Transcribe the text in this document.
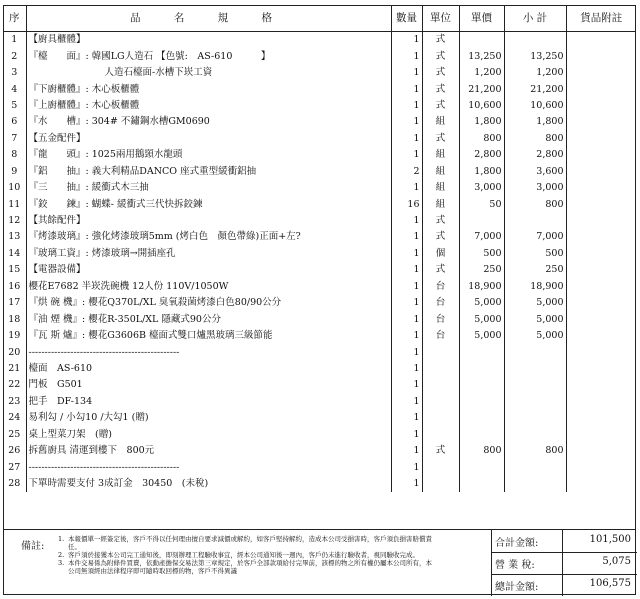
序	品 名 規 格	數量	單位	單價	小 計	貨品附註
1	【廚具櫃體】	1	式			
2	『檯　　面』: 韓國LG人造石 【色號:　AS-610　　　】	1	式	13,250	13,250	
3	　　　　　　　　人造石檯面-水槽下崁工資	1	式	1,200	1,200	
4	『下廚櫃體』: 木心板櫃體	1	式	21,200	21,200	
5	『上廚櫃體』: 木心板櫃體	1	式	10,600	10,600	
6	『水　　槽』: 304# 不鏽鋼水槽GM0690	1	組	1,800	1,800	
7	【五金配件】	1	式	800	800	
8	『龍　　頭』: 1025兩用鵝頸水龍頭	1	組	2,800	2,800	
9	『鋁　　抽』: 義大利精品DANCO 座式重型緩衝鋁抽	2	組	1,800	3,600	
10	『三　　抽』: 緩衝式木三抽	1	組	3,000	3,000	
11	『鉸　　鍊』: 蝴蝶- 緩衝式三代快拆鉸鍊	16	組	50	800	
12	【其餘配件】	1	式			
13	『烤漆玻璃』: 強化烤漆玻璃5mm (烤白色　顏色帶綠)正面+左?	1	式	7,000	7,000	
14	『玻璃工資』: 烤漆玻璃→開插座孔	1	個	500	500	
15	【電器設備】	1	式	250	250	
16	櫻花E7682 半崁洗碗機 12人份 110V/1050W	1	台	18,900	18,900	
17	『烘 碗 機』: 櫻花Q370L/XL 臭氧殺菌烤漆白色80/90公分	1	台	5,000	5,000	
18	『油 煙 機』: 櫻花R-350L/XL 隱藏式90公分	1	台	5,000	5,000	
19	『瓦 斯 爐』: 櫻花G3606B 檯面式雙口爐黑玻璃三級節能	1	台	5,000	5,000	
20	-----------------------------------------------	1				
21	檯面　AS-610	1				
22	門板　G501	1				
23	把手　DF-134	1				
24	易利勾 / 小勾10 /大勾1 (贈)	1				
25	桌上型菜刀架　(贈)	1				
26	拆舊廚具 清運到樓下　800元	1	式	800	800	
27	-----------------------------------------------	1				
28	下單時需要支付 3成訂金　30450　(未稅)	1				
備註:
1. 本報價單一經簽定後，客戶不得以任何理由擅自要求減價或解約，如客戶堅持解約，造成本公司受損害時，客戶須負損害賠償責任。
2. 客戶須於接獲本公司完工通知後，即刻辦理工程驗收事宜，經本公司通知後一週內，客戶仍未進行驗收者，視同驗收完成。
3. 本件交易係為附條件買賣，依動產擔保交易法第三章規定，於客戶全部款項給付完畢前，該標的物之所有權仍屬本公司所有，本公司無須經由法律程序即可隨時取回標的物，客戶不得異議
合計金額:	101,500
營 業 稅:	5,075
總計金額:	106,575
